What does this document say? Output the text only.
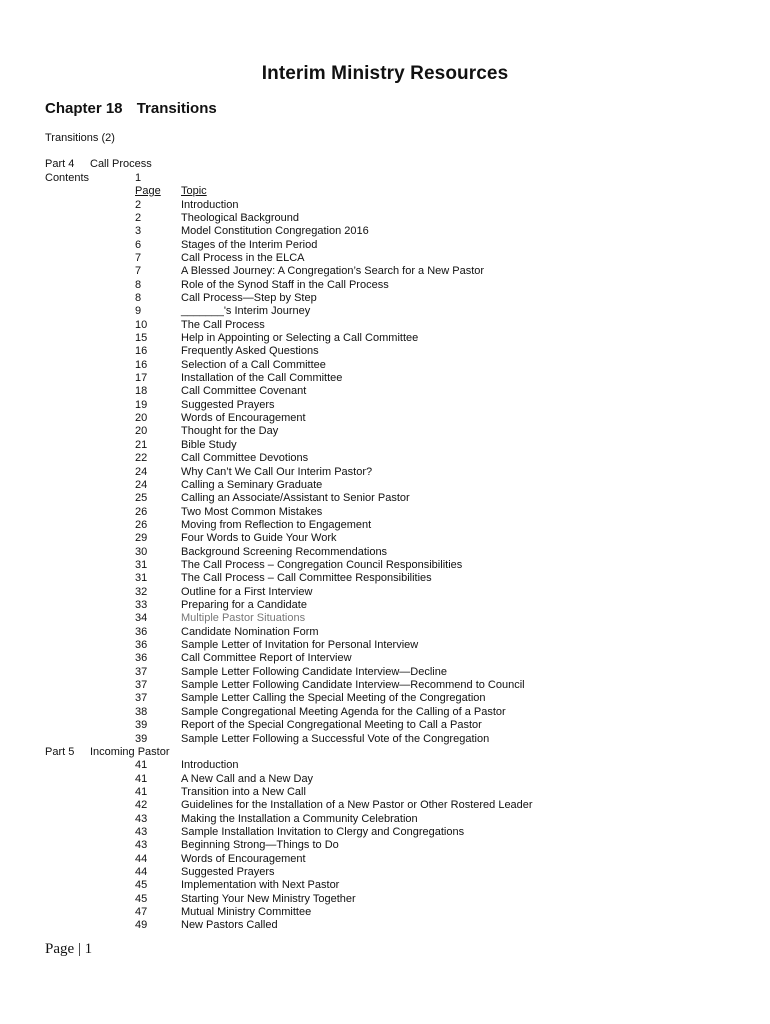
Interim Ministry Resources
Chapter 18 Transitions
Transitions (2)
Part 4 Call Process
Contents	1
Page	Topic
2	Introduction
2	Theological Background
3	Model Constitution Congregation 2016
6	Stages of the Interim Period
7	Call Process in the ELCA
7	A Blessed Journey: A Congregation’s Search for a New Pastor
8	Role of the Synod Staff in the Call Process
8	Call Process—Step by Step
9	_______'s Interim Journey
10	The Call Process
15	Help in Appointing or Selecting a Call Committee
16	Frequently Asked Questions
16	Selection of a Call Committee
17	Installation of the Call Committee
18	Call Committee Covenant
19	Suggested Prayers
20	Words of Encouragement
20	Thought for the Day
21	Bible Study
22	Call Committee Devotions
24	Why Can’t We Call Our Interim Pastor?
24	Calling a Seminary Graduate
25	Calling an Associate/Assistant to Senior Pastor
26	Two Most Common Mistakes
26	Moving from Reflection to Engagement
29	Four Words to Guide Your Work
30	Background Screening Recommendations
31	The Call Process – Congregation Council Responsibilities
31	The Call Process – Call Committee Responsibilities
32	Outline for a First Interview
33	Preparing for a Candidate
34	Multiple Pastor Situations
36	Candidate Nomination Form
36	Sample Letter of Invitation for Personal Interview
36	Call Committee Report of Interview
37	Sample Letter Following Candidate Interview—Decline
37	Sample Letter Following Candidate Interview—Recommend to Council
37	Sample Letter Calling the Special Meeting of the Congregation
38	Sample Congregational Meeting Agenda for the Calling of a Pastor
39	Report of the Special Congregational Meeting to Call a Pastor
39	Sample Letter Following a Successful Vote of the Congregation
Part 5 Incoming Pastor
41	Introduction
41	A New Call and a New Day
41	Transition into a New Call
42	Guidelines for the Installation of a New Pastor or Other Rostered Leader
43	Making the Installation a Community Celebration
43	Sample Installation Invitation to Clergy and Congregations
43	Beginning Strong—Things to Do
44	Words of Encouragement
44	Suggested Prayers
45	Implementation with Next Pastor
45	Starting Your New Ministry Together
47	Mutual Ministry Committee
49	New Pastors Called
Page | 1
